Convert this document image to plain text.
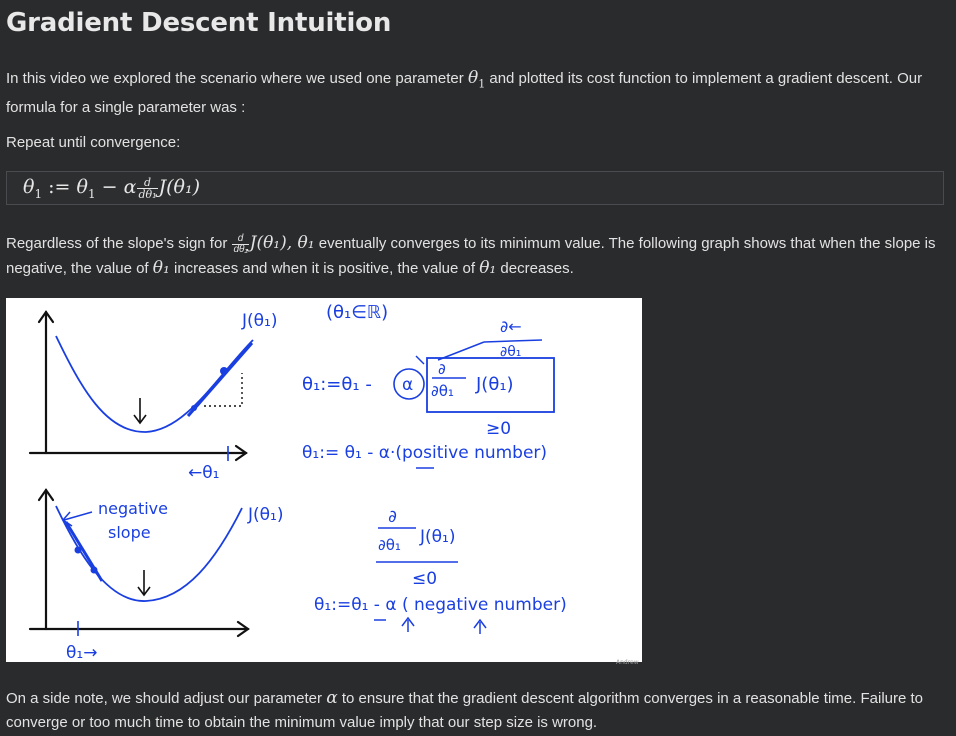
Gradient Descent Intuition

In this video we explored the scenario where we used one parameter $\theta_1$ and plotted its cost function to implement a gradient descent. Our formula for a single parameter was :

Repeat until convergence:

$\theta_1$ := $\theta_1 - \alpha \frac{d}{\text{dθ₁}} J(\theta_1)$

Regardless of the slope's sign for $\frac{d}{\text{dθ₁}} J(\theta_1)$, θ₁ eventually converges to its minimum value. The following graph shows that when the slope is negative, the value of θ₁ increases and when it is positive, the value of θ₁ decreases.

←θ₁
J(θ₁)	(θ₁∈ℝ)
∂←
∂θ₁
θ₁:=θ₁ - α
∂
∂θ₁ J(θ₁)
≥0
θ₁:= θ₁ - α·(positive number)
negative
slope
θ₁→
J(θ₁)	∂
∂θ₁ J(θ₁)
≤0
θ₁:=θ₁ - α ( negative number)
Andrew

On a side note, we should adjust our parameter α to ensure that the gradient descent algorithm converges in a reasonable time. Failure to converge or too much time to obtain the minimum value imply that our step size is wrong.
